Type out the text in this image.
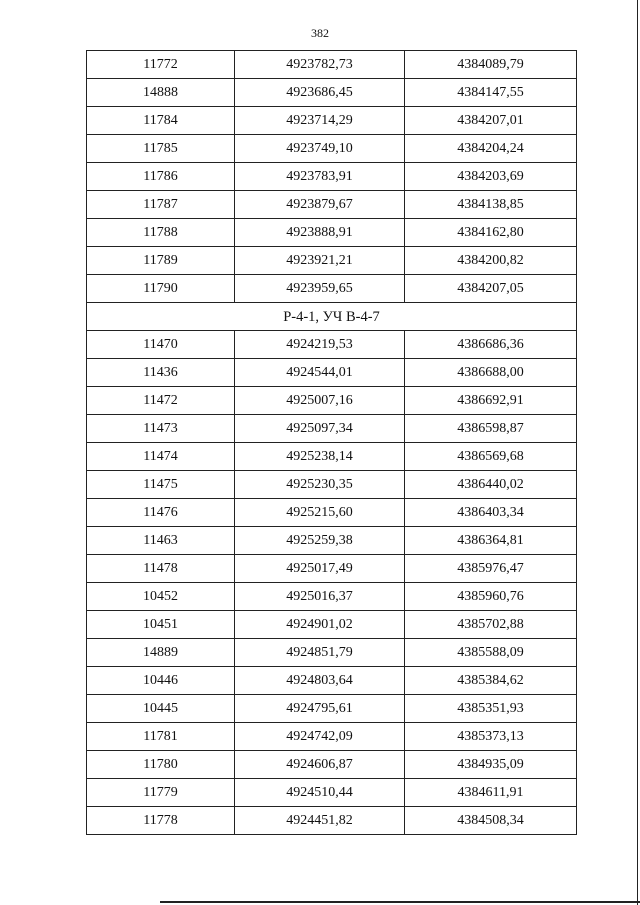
382
11772	4923782,73	4384089,79
14888	4923686,45	4384147,55
11784	4923714,29	4384207,01
11785	4923749,10	4384204,24
11786	4923783,91	4384203,69
11787	4923879,67	4384138,85
11788	4923888,91	4384162,80
11789	4923921,21	4384200,82
11790	4923959,65	4384207,05
Р-4-1, УЧ В-4-7		
11470	4924219,53	4386686,36
11436	4924544,01	4386688,00
11472	4925007,16	4386692,91
11473	4925097,34	4386598,87
11474	4925238,14	4386569,68
11475	4925230,35	4386440,02
11476	4925215,60	4386403,34
11463	4925259,38	4386364,81
11478	4925017,49	4385976,47
10452	4925016,37	4385960,76
10451	4924901,02	4385702,88
14889	4924851,79	4385588,09
10446	4924803,64	4385384,62
10445	4924795,61	4385351,93
11781	4924742,09	4385373,13
11780	4924606,87	4384935,09
11779	4924510,44	4384611,91
11778	4924451,82	4384508,34
